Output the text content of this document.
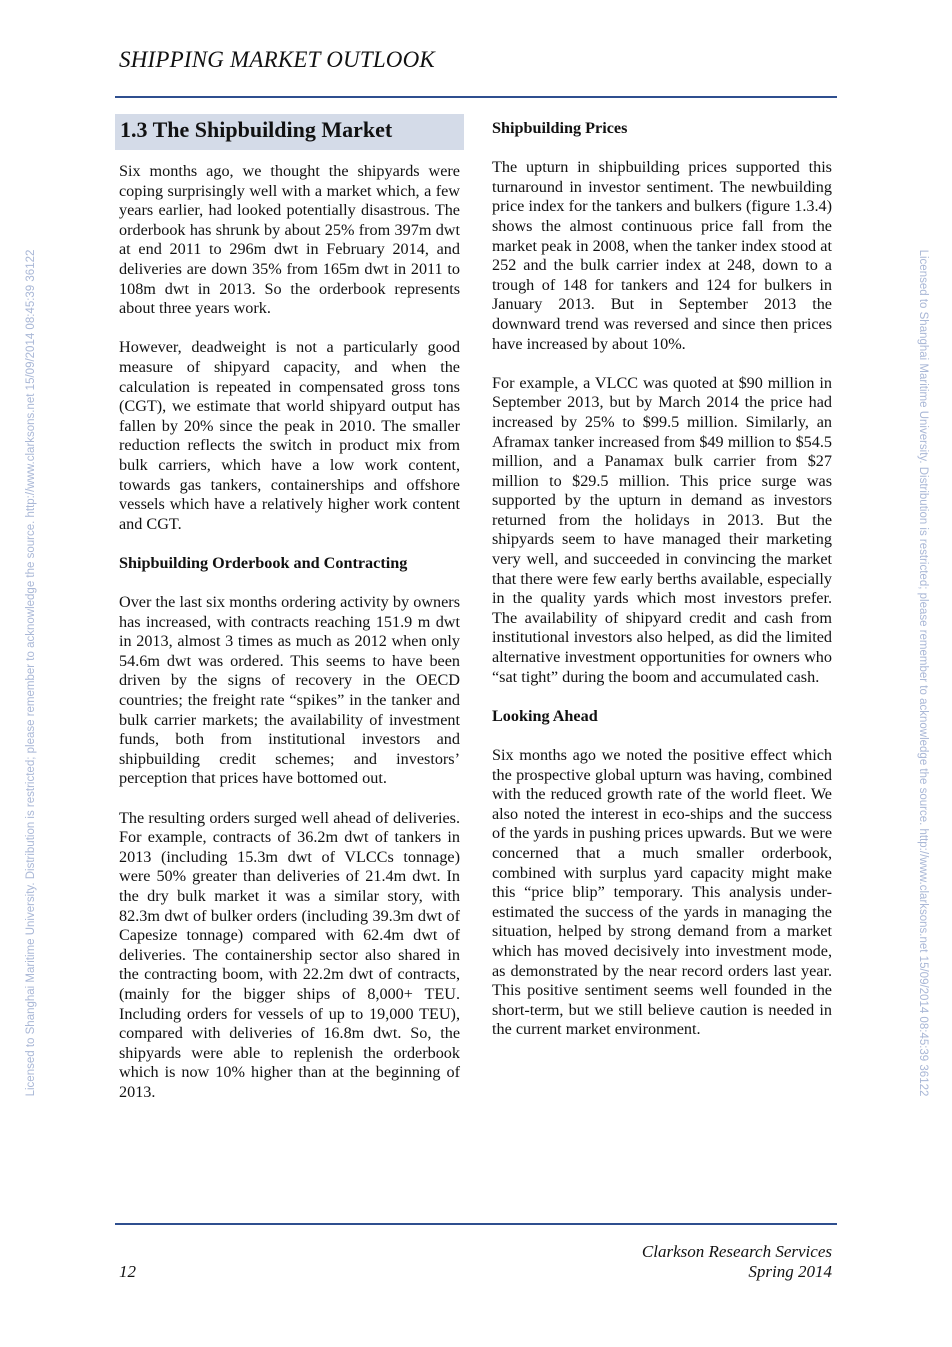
SHIPPING MARKET OUTLOOK
Licensed to Shanghai Maritime University. Distribution is restricted; please remember to acknowledge the source. http://www.clarksons.net 15/09/2014 08:45:39 36122	Licensed to Shanghai Maritime University. Distribution is restricted; please remember to acknowledge the source. http://www.clarksons.net 15/09/2014 08:45:39 36122
1.3 The Shipbuilding Market

Six months ago, we thought the shipyards were coping surprisingly well with a market which, a few years earlier, had looked potentially disastrous. The orderbook has shrunk by about 25% from 397m dwt at end 2011 to 296m dwt in February 2014, and deliveries are down 35% from 165m dwt in 2011 to 108m dwt in 2013. So the orderbook represents about three years work.

However, deadweight is not a particularly good measure of shipyard capacity, and when the calculation is repeated in compensated gross tons (CGT), we estimate that world shipyard output has fallen by 20% since the peak in 2010. The smaller reduction reflects the switch in product mix from bulk carriers, which have a low work content, towards gas tankers, containerships and offshore vessels which have a relatively higher work content and CGT.

Shipbuilding Orderbook and Contracting

Over the last six months ordering activity by owners has increased, with contracts reaching 151.9 m dwt in 2013, almost 3 times as much as 2012 when only 54.6m dwt was ordered. This seems to have been driven by the signs of recovery in the OECD countries; the freight rate “spikes” in the tanker and bulk carrier markets; the availability of investment funds, both from institutional investors and shipbuilding credit schemes; and investors’ perception that prices have bottomed out.

The resulting orders surged well ahead of deliveries. For example, contracts of 36.2m dwt of tankers in 2013 (including 15.3m dwt of VLCCs tonnage) were 50% greater than deliveries of 21.4m dwt. In the dry bulk market it was a similar story, with 82.3m dwt of bulker orders (including 39.3m dwt of Capesize tonnage) compared with 62.4m dwt of deliveries. The containership sector also shared in the contracting boom, with 22.2m dwt of contracts, (mainly for the bigger ships of 8,000+ TEU. Including orders for vessels of up to 19,000 TEU), compared with deliveries of 16.8m dwt. So, the shipyards were able to replenish the orderbook which is now 10% higher than at the beginning of 2013.

Shipbuilding Prices

The upturn in shipbuilding prices supported this turnaround in investor sentiment. The newbuilding price index for the tankers and bulkers (figure 1.3.4) shows the almost continuous price fall from the market peak in 2008, when the tanker index stood at 252 and the bulk carrier index at 248, down to a trough of 148 for tankers and 124 for bulkers in January 2013. But in September 2013 the downward trend was reversed and since then prices have increased by about 10%.

For example, a VLCC was quoted at $90 million in September 2013, but by March 2014 the price had increased by 25% to $99.5 million. Similarly, an Aframax tanker increased from $49 million to $54.5 million, and a Panamax bulk carrier from $27 million to $29.5 million. This price surge was supported by the upturn in demand as investors returned from the holidays in 2013. But the shipyards seem to have managed their marketing very well, and succeeded in convincing the market that there were few early berths available, especially in the quality yards which most investors prefer. The availability of shipyard credit and cash from institutional investors also helped, as did the limited alternative investment opportunities for owners who “sat tight” during the boom and accumulated cash.

Looking Ahead

Six months ago we noted the positive effect which the prospective global upturn was having, combined with the reduced growth rate of the world fleet. We also noted the interest in eco-ships and the success of the yards in pushing prices upwards. But we were concerned that a much smaller orderbook, combined with surplus yard capacity might make this “price blip” temporary. This analysis under-estimated the success of the yards in managing the situation, helped by strong demand from a market which has moved decisively into investment mode, as demonstrated by the near record orders last year. This positive sentiment seems well founded in the short-term, but we still believe caution is needed in the current market environment.

Clarkson Research Services
Spring 2014
12
